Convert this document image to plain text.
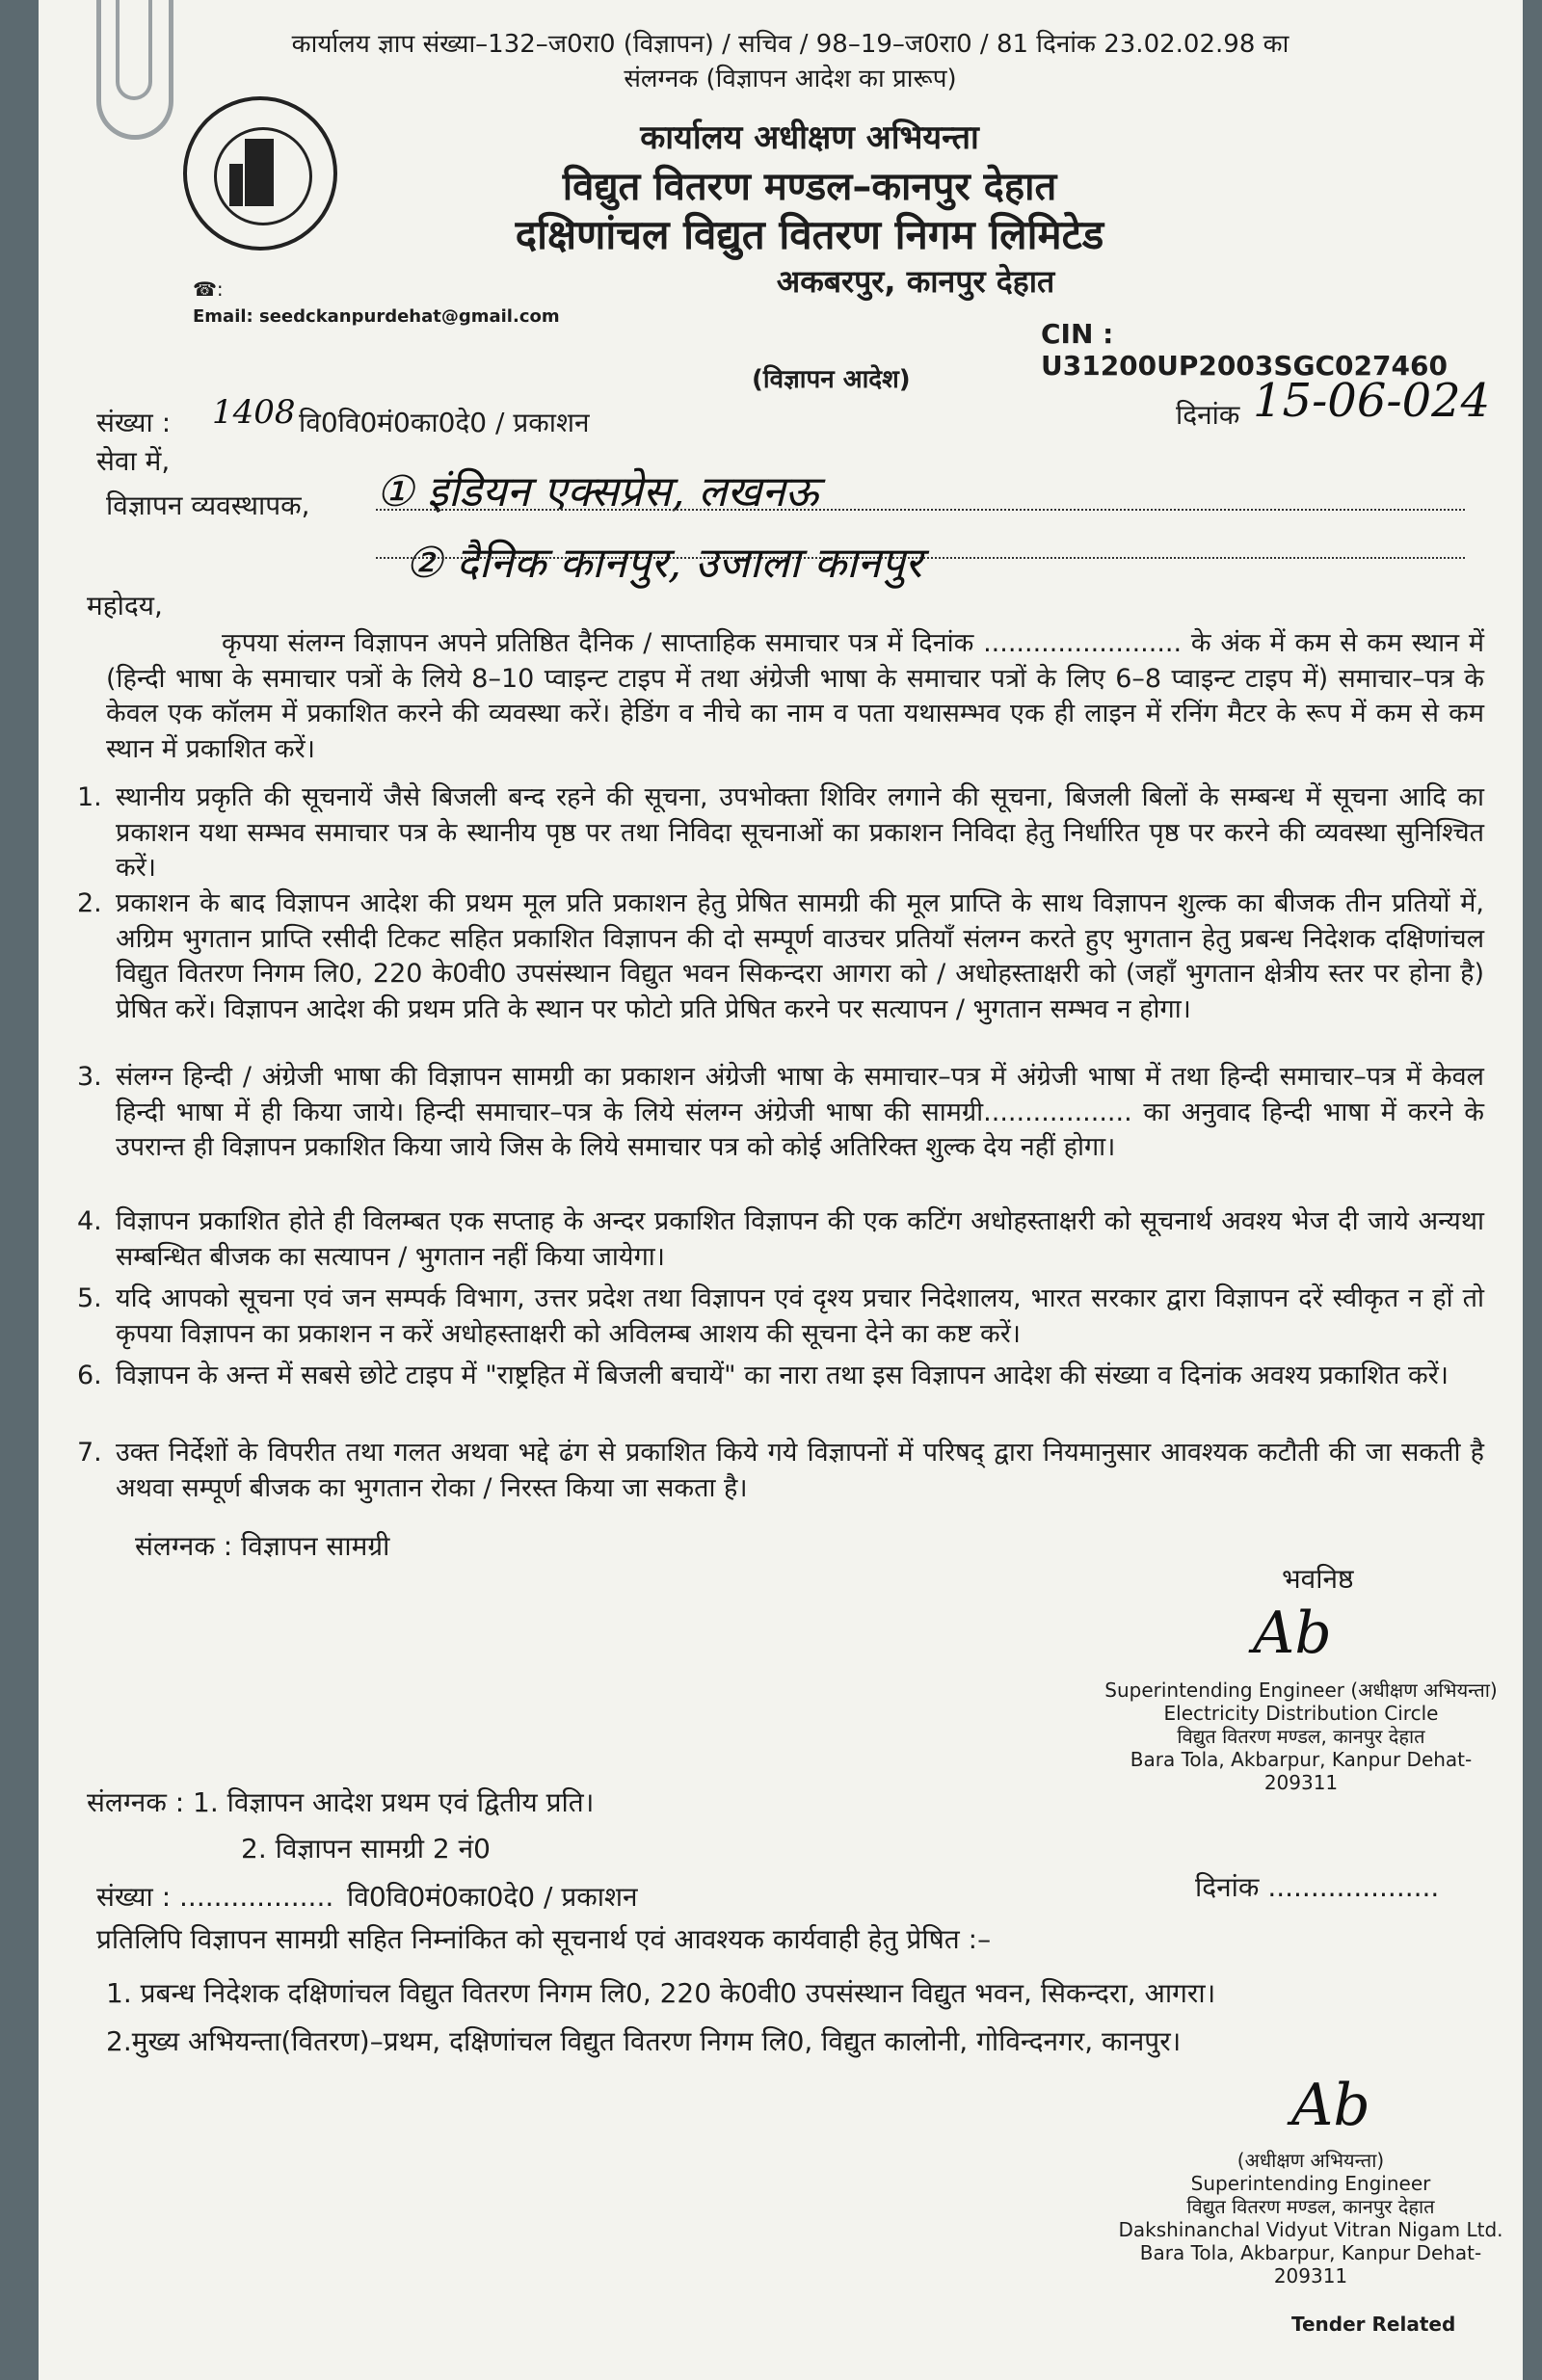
कार्यालय ज्ञाप संख्या–132–ज0रा0 (विज्ञापन) / सचिव / 98–19–ज0रा0 / 81 दिनांक 23.02.02.98 का
संलग्नक (विज्ञापन आदेश का प्रारूप)
कार्यालय अधीक्षण अभियन्ता
विद्युत वितरण मण्डल–कानपुर देहात
दक्षिणांचल विद्युत वितरण निगम लिमिटेड
अकबरपुर, कानपुर देहात
☎:
Email: seedckanpurdehat@gmail.com
CIN : U31200UP2003SGC027460
(विज्ञापन आदेश)
संख्या : 1408 वि0वि0मं0का0दे0 / प्रकाशन	दिनांक 15-06-024
सेवा में,
विज्ञापन व्यवस्थापक, ① इंडियन एक्सप्रेस, लखनऊ
② दैनिक कानपुर, उजाला कानपुर
महोदय,
कृपया संलग्न विज्ञापन अपने प्रतिष्ठित दैनिक / साप्ताहिक समाचार पत्र में दिनांक ........................ के अंक में कम से कम स्थान में (हिन्दी भाषा के समाचार पत्रों के लिये 8–10 प्वाइन्ट टाइप में तथा अंग्रेजी भाषा के समाचार पत्रों के लिए 6–8 प्वाइन्ट टाइप में) समाचार–पत्र के केवल एक कॉलम में प्रकाशित करने की व्यवस्था करें। हेडिंग व नीचे का नाम व पता यथासम्भव एक ही लाइन में रनिंग मैटर के रूप में कम से कम स्थान में प्रकाशित करें।
1. स्थानीय प्रकृति की सूचनायें जैसे बिजली बन्द रहने की सूचना, उपभोक्ता शिविर लगाने की सूचना, बिजली बिलों के सम्बन्ध में सूचना आदि का प्रकाशन यथा सम्भव समाचार पत्र के स्थानीय पृष्ठ पर तथा निविदा सूचनाओं का प्रकाशन निविदा हेतु निर्धारित पृष्ठ पर करने की व्यवस्था सुनिश्चित करें।
2. प्रकाशन के बाद विज्ञापन आदेश की प्रथम मूल प्रति प्रकाशन हेतु प्रेषित सामग्री की मूल प्राप्ति के साथ विज्ञापन शुल्क का बीजक तीन प्रतियों में, अग्रिम भुगतान प्राप्ति रसीदी टिकट सहित प्रकाशित विज्ञापन की दो सम्पूर्ण वाउचर प्रतियाँ संलग्न करते हुए भुगतान हेतु प्रबन्ध निदेशक दक्षिणांचल विद्युत वितरण निगम लि0, 220 के0वी0 उपसंस्थान विद्युत भवन सिकन्दरा आगरा को / अधोहस्ताक्षरी को (जहाँ भुगतान क्षेत्रीय स्तर पर होना है) प्रेषित करें। विज्ञापन आदेश की प्रथम प्रति के स्थान पर फोटो प्रति प्रेषित करने पर सत्यापन / भुगतान सम्भव न होगा।
3. संलग्न हिन्दी / अंग्रेजी भाषा की विज्ञापन सामग्री का प्रकाशन अंग्रेजी भाषा के समाचार–पत्र में अंग्रेजी भाषा में तथा हिन्दी समाचार–पत्र में केवल हिन्दी भाषा में ही किया जाये। हिन्दी समाचार–पत्र के लिये संलग्न अंग्रेजी भाषा की सामग्री.................. का अनुवाद हिन्दी भाषा में करने के उपरान्त ही विज्ञापन प्रकाशित किया जाये जिस के लिये समाचार पत्र को कोई अतिरिक्त शुल्क देय नहीं होगा।
4. विज्ञापन प्रकाशित होते ही विलम्बत एक सप्ताह के अन्दर प्रकाशित विज्ञापन की एक कटिंग अधोहस्ताक्षरी को सूचनार्थ अवश्य भेज दी जाये अन्यथा सम्बन्धित बीजक का सत्यापन / भुगतान नहीं किया जायेगा।
5. यदि आपको सूचना एवं जन सम्पर्क विभाग, उत्तर प्रदेश तथा विज्ञापन एवं दृश्य प्रचार निदेशालय, भारत सरकार द्वारा विज्ञापन दरें स्वीकृत न हों तो कृपया विज्ञापन का प्रकाशन न करें अधोहस्ताक्षरी को अविलम्ब आशय की सूचना देने का कष्ट करें।
6. विज्ञापन के अन्त में सबसे छोटे टाइप में "राष्ट्रहित में बिजली बचायें" का नारा तथा इस विज्ञापन आदेश की संख्या व दिनांक अवश्य प्रकाशित करें।
7. उक्त निर्देशों के विपरीत तथा गलत अथवा भद्दे ढंग से प्रकाशित किये गये विज्ञापनों में परिषद् द्वारा नियमानुसार आवश्यक कटौती की जा सकती है अथवा सम्पूर्ण बीजक का भुगतान रोका / निरस्त किया जा सकता है।
संलग्नक : विज्ञापन सामग्री
भवनिष्ठ
Ab
Superintending Engineer (अधीक्षण अभियन्ता)
Electricity Distribution Circle
विद्युत वितरण मण्डल, कानपुर देहात
Bara Tola, Akbarpur, Kanpur Dehat-209311
संलग्नक : 1. विज्ञापन आदेश प्रथम एवं द्वितीय प्रति।
2. विज्ञापन सामग्री 2 नं0
संख्या : .................. वि0वि0मं0का0दे0 / प्रकाशन	दिनांक ....................
प्रतिलिपि विज्ञापन सामग्री सहित निम्नांकित को सूचनार्थ एवं आवश्यक कार्यवाही हेतु प्रेषित :–
1. प्रबन्ध निदेशक दक्षिणांचल विद्युत वितरण निगम लि0, 220 के0वी0 उपसंस्थान विद्युत भवन, सिकन्दरा, आगरा।
2.मुख्य अभियन्ता(वितरण)–प्रथम, दक्षिणांचल विद्युत वितरण निगम लि0, विद्युत कालोनी, गोविन्दनगर, कानपुर।
Ab
(अधीक्षण अभियन्ता)
Superintending Engineer
विद्युत वितरण मण्डल, कानपुर देहात
Dakshinanchal Vidyut Vitran Nigam Ltd.
Bara Tola, Akbarpur, Kanpur Dehat-209311
Tender Related
